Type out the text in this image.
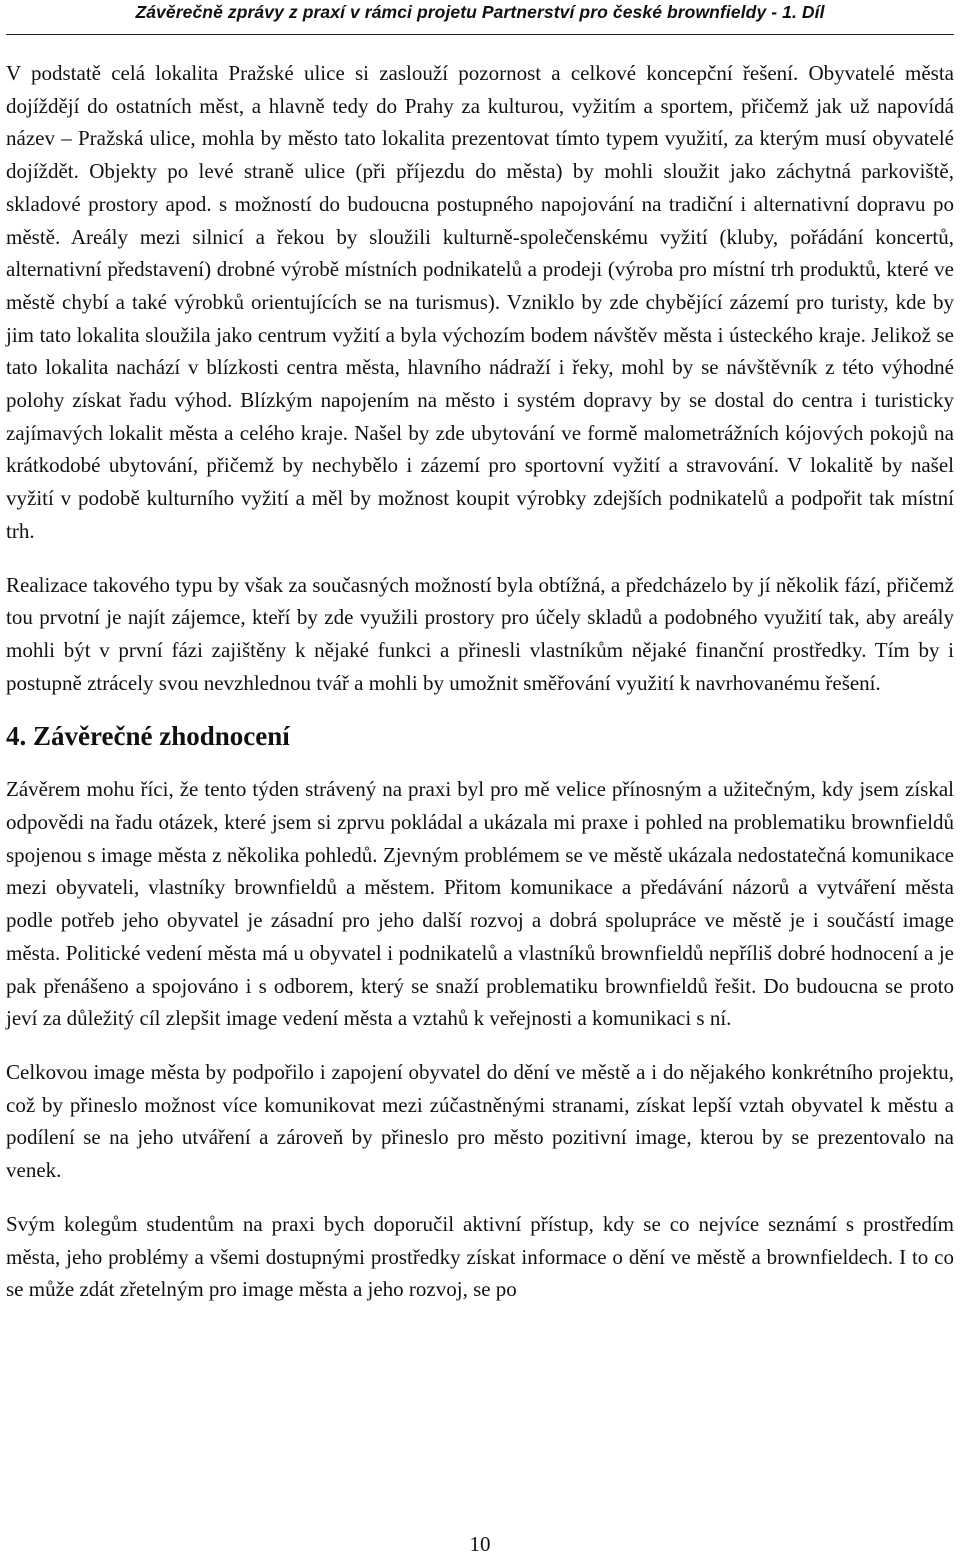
Závěrečně zprávy z praxí v rámci projetu Partnerství pro české brownfieldy - 1. Díl

V podstatě celá lokalita Pražské ulice si zaslouží pozornost a celkové koncepční řešení. Obyvatelé města dojíždějí do ostatních měst, a hlavně tedy do Prahy za kulturou, vyžitím a sportem, přičemž jak už napovídá název – Pražská ulice, mohla by město tato lokalita prezentovat tímto typem využití, za kterým musí obyvatelé dojíždět. Objekty po levé straně ulice (při příjezdu do města) by mohli sloužit jako záchytná parkoviště, skladové prostory apod. s možností do budoucna postupného napojování na tradiční i alternativní dopravu po městě. Areály mezi silnicí a řekou by sloužili kulturně-společenskému vyžití (kluby, pořádání koncertů, alternativní představení) drobné výrobě místních podnikatelů a prodeji (výroba pro místní trh produktů, které ve městě chybí a také výrobků orientujících se na turismus). Vzniklo by zde chybějící zázemí pro turisty, kde by jim tato lokalita sloužila jako centrum vyžití a byla výchozím bodem návštěv města i ústeckého kraje. Jelikož se tato lokalita nachází v blízkosti centra města, hlavního nádraží i řeky, mohl by se návštěvník z této výhodné polohy získat řadu výhod. Blízkým napojením na město i systém dopravy by se dostal do centra i turisticky zajímavých lokalit města a celého kraje. Našel by zde ubytování ve formě malometrážních kójových pokojů na krátkodobé ubytování, přičemž by nechybělo i zázemí pro sportovní vyžití a stravování. V lokalitě by našel vyžití v podobě kulturního vyžití a měl by možnost koupit výrobky zdejších podnikatelů a podpořit tak místní trh.

Realizace takového typu by však za současných možností byla obtížná, a předcházelo by jí několik fází, přičemž tou prvotní je najít zájemce, kteří by zde využili prostory pro účely skladů a podobného využití tak, aby areály mohli být v první fázi zajištěny k nějaké funkci a přinesli vlastníkům nějaké finanční prostředky. Tím by i postupně ztrácely svou nevzhlednou tvář a mohli by umožnit směřování využití k navrhovanému řešení.

4. Závěrečné zhodnocení

Závěrem mohu říci, že tento týden strávený na praxi byl pro mě velice přínosným a užitečným, kdy jsem získal odpovědi na řadu otázek, které jsem si zprvu pokládal a ukázala mi praxe i pohled na problematiku brownfieldů spojenou s image města z několika pohledů. Zjevným problémem se ve městě ukázala nedostatečná komunikace mezi obyvateli, vlastníky brownfieldů a městem. Přitom komunikace a předávání názorů a vytváření města podle potřeb jeho obyvatel je zásadní pro jeho další rozvoj a dobrá spolupráce ve městě je i součástí image města. Politické vedení města má u obyvatel i podnikatelů a vlastníků brownfieldů nepříliš dobré hodnocení a je pak přenášeno a spojováno i s odborem, který se snaží problematiku brownfieldů řešit. Do budoucna se proto jeví za důležitý cíl zlepšit image vedení města a vztahů k veřejnosti a komunikaci s ní.

Celkovou image města by podpořilo i zapojení obyvatel do dění ve městě a i do nějakého konkrétního projektu, což by přineslo možnost více komunikovat mezi zúčastněnými stranami, získat lepší vztah obyvatel k městu a podílení se na jeho utváření a zároveň by přineslo pro město pozitivní image, kterou by se prezentovalo na venek.

Svým kolegům studentům na praxi bych doporučil aktivní přístup, kdy se co nejvíce seznámí s prostředím města, jeho problémy a všemi dostupnými prostředky získat informace o dění ve městě a brownfieldech. I to co se může zdát zřetelným pro image města a jeho rozvoj, se po

10
